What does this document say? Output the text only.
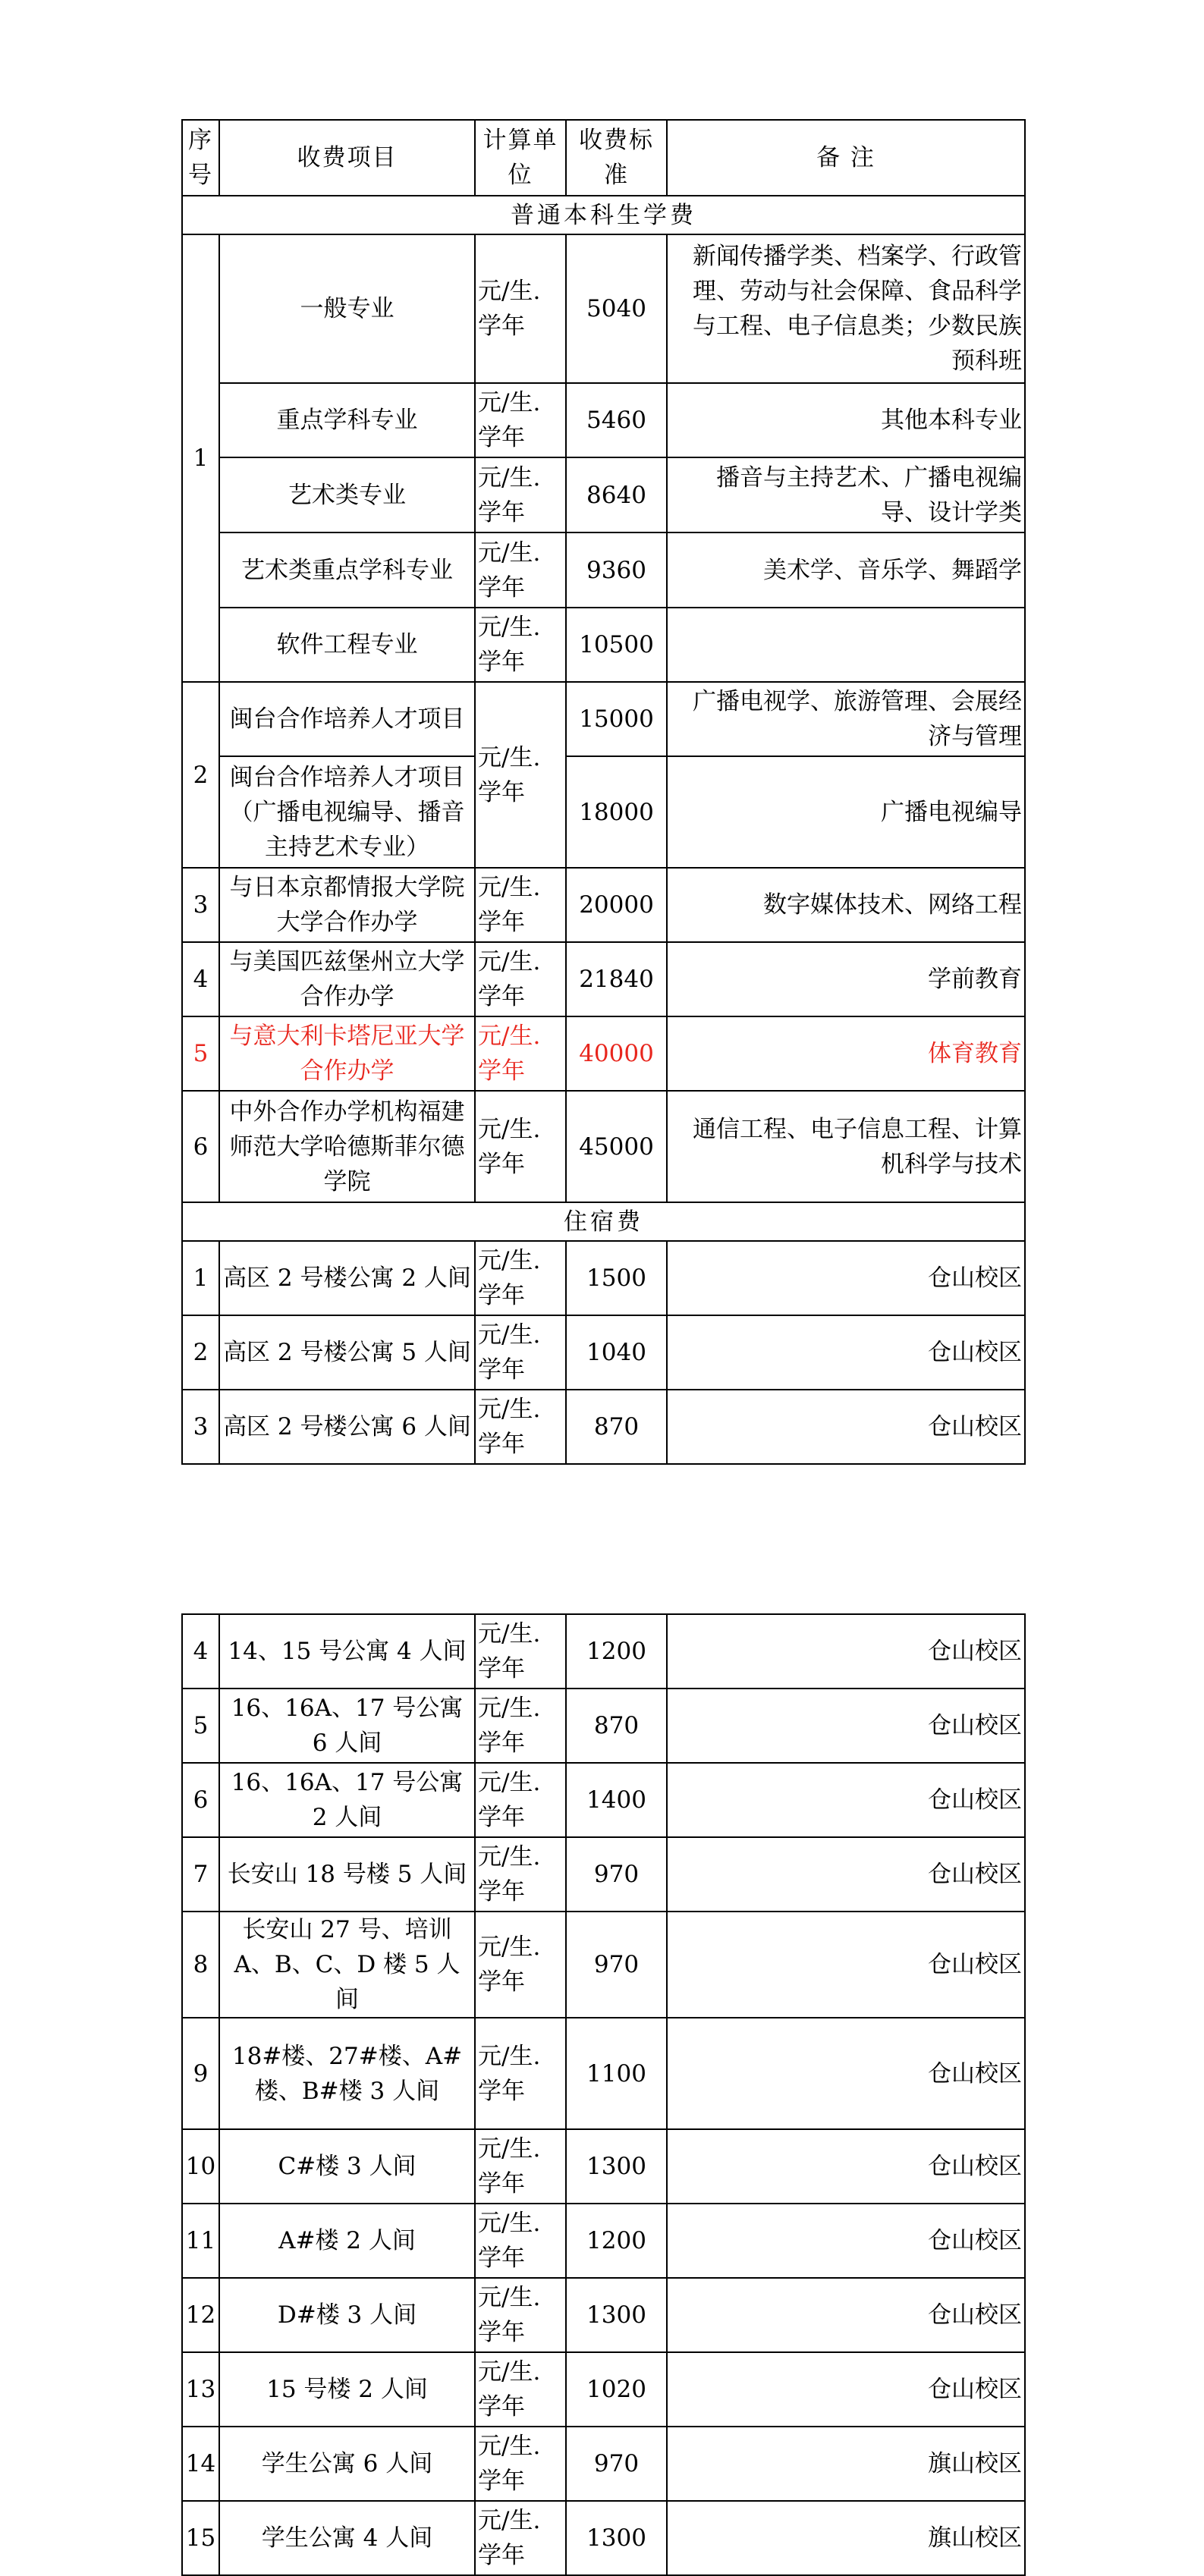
序号	收费项目	计算单位	收费标准	备 注
普通本科生学费				
1	一般专业	元/生.学年	5040	新闻传播学类、档案学、行政管理、劳动与社会保障、食品科学与工程、电子信息类；少数民族预科班
	重点学科专业	元/生.学年	5460	其他本科专业
	艺术类专业	元/生.学年	8640	播音与主持艺术、广播电视编导、设计学类
	艺术类重点学科专业	元/生.学年	9360	美术学、音乐学、舞蹈学
	软件工程专业	元/生.学年	10500	
2	闽台合作培养人才项目	元/生.学年	15000	广播电视学、旅游管理、会展经济与管理
	闽台合作培养人才项目（广播电视编导、播音主持艺术专业）		18000	广播电视编导
3	与日本京都情报大学院大学合作办学	元/生.学年	20000	数字媒体技术、网络工程
4	与美国匹兹堡州立大学合作办学	元/生.学年	21840	学前教育
5	与意大利卡塔尼亚大学合作办学	元/生.学年	40000	体育教育
6	中外合作办学机构福建师范大学哈德斯菲尔德学院	元/生.学年	45000	通信工程、电子信息工程、计算机科学与技术
住宿费				
1	高区 2 号楼公寓 2 人间	元/生.学年	1500	仓山校区
2	高区 2 号楼公寓 5 人间	元/生.学年	1040	仓山校区
3	高区 2 号楼公寓 6 人间	元/生.学年	870	仓山校区
4	14、15 号公寓 4 人间	元/生.学年	1200	仓山校区
5	16、16A、17 号公寓 6 人间	元/生.学年	870	仓山校区
6	16、16A、17 号公寓 2 人间	元/生.学年	1400	仓山校区
7	长安山 18 号楼 5 人间	元/生.学年	970	仓山校区
8	长安山 27 号、培训 A、B、C、D 楼 5 人间	元/生.学年	970	仓山校区
9	18#楼、27#楼、A#楼、B#楼 3 人间	元/生.学年	1100	仓山校区
10	C#楼 3 人间	元/生.学年	1300	仓山校区
11	A#楼 2 人间	元/生.学年	1200	仓山校区
12	D#楼 3 人间	元/生.学年	1300	仓山校区
13	15 号楼 2 人间	元/生.学年	1020	仓山校区
14	学生公寓 6 人间	元/生.学年	970	旗山校区
15	学生公寓 4 人间	元/生.学年	1300	旗山校区
